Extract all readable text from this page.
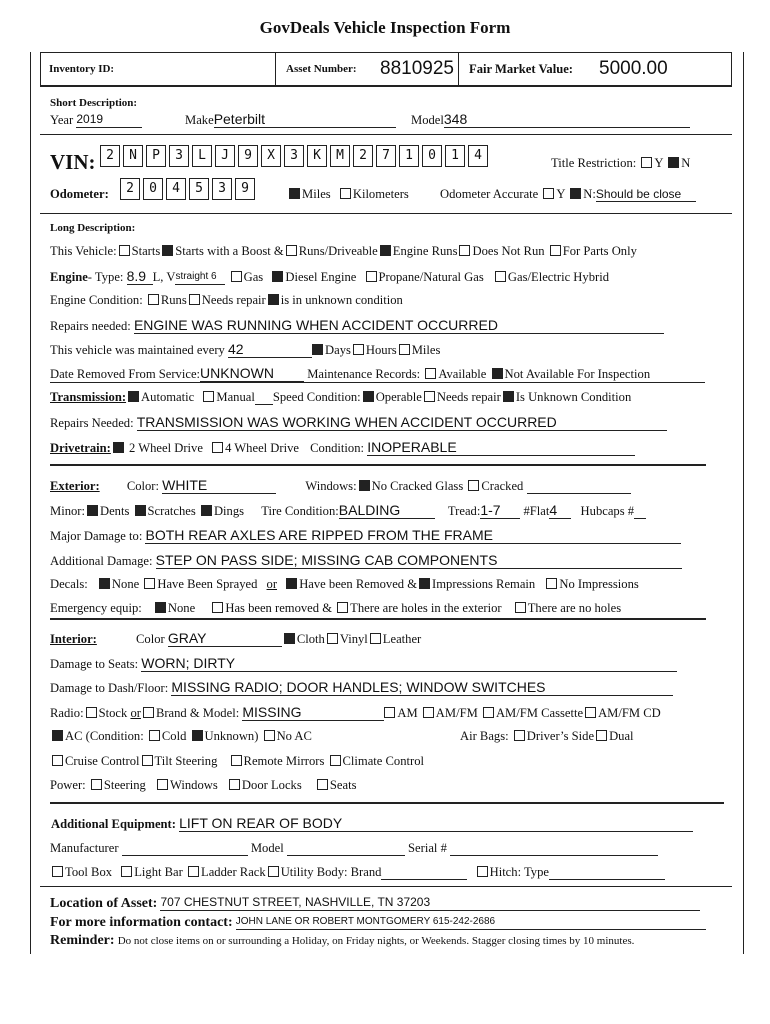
GovDeals Vehicle Inspection Form
Inventory ID:	Asset Number: 8810925 Fair Market Value: 5000.00
Short Description:
Year 2019	MakePeterbilt	Model348
VIN: 2 N P 3 L J 9 X 3 K M 2 7 1 0 1 4	Title Restriction: Y N
Odometer:	2 0 4 5 3 9	Miles Kilometers Odometer Accurate Y N:Should be close
Long Description:
This Vehicle: Starts Starts with a Boost & Runs/Driveable Engine Runs Does Not Run For Parts Only
Engine- Type: 8.9 L, Vstraight 6 Gas Diesel Engine Propane/Natural Gas Gas/Electric Hybrid
Engine Condition: Runs Needs repair is in unknown condition
Repairs needed: ENGINE WAS RUNNING WHEN ACCIDENT OCCURRED
This vehicle was maintained every 42	Days Hours Miles
Date Removed From Service:UNKNOWN	Maintenance Records: Available Not Available For Inspection
Transmission: Automatic Manual Speed Condition: Operable Needs repair Is Unknown Condition
Repairs Needed: TRANSMISSION WAS WORKING WHEN ACCIDENT OCCURRED
Drivetrain: 2 Wheel Drive 4 Wheel Drive Condition: INOPERABLE
Exterior: Color: WHITE	Windows: No Cracked Glass Cracked
Minor: Dents Scratches Dings Tire Condition:BALDING	Tread:1-7 #Flat4 Hubcaps #
Major Damage to: BOTH REAR AXLES ARE RIPPED FROM THE FRAME
Additional Damage: STEP ON PASS SIDE; MISSING CAB COMPONENTS
Decals: None Have Been Sprayed or Have been Removed & Impressions Remain No Impressions
Emergency equip: None Has been removed & There are holes in the exterior There are no holes
Interior:	Color GRAY	Cloth Vinyl Leather
Damage to Seats: WORN; DIRTY
Damage to Dash/Floor: MISSING RADIO; DOOR HANDLES; WINDOW SWITCHES
Radio: Stock or Brand & Model: MISSING	AM AM/FM AM/FM Cassette AM/FM CD
AC (Condition: Cold Unknown) No AC	Air Bags: Driver’s Side Dual
Cruise Control Tilt Steering Remote Mirrors Climate Control
Power: Steering Windows Door Locks Seats
Additional Equipment: LIFT ON REAR OF BODY
Manufacturer	Model	Serial #
Tool Box Light Bar Ladder Rack Utility Body: Brand	Hitch: Type
Location of Asset: 707 CHESTNUT STREET, NASHVILLE, TN 37203
For more information contact: JOHN LANE OR ROBERT MONTGOMERY 615-242-2686
Reminder: Do not close items on or surrounding a Holiday, on Friday nights, or Weekends. Stagger closing times by 10 minutes.
